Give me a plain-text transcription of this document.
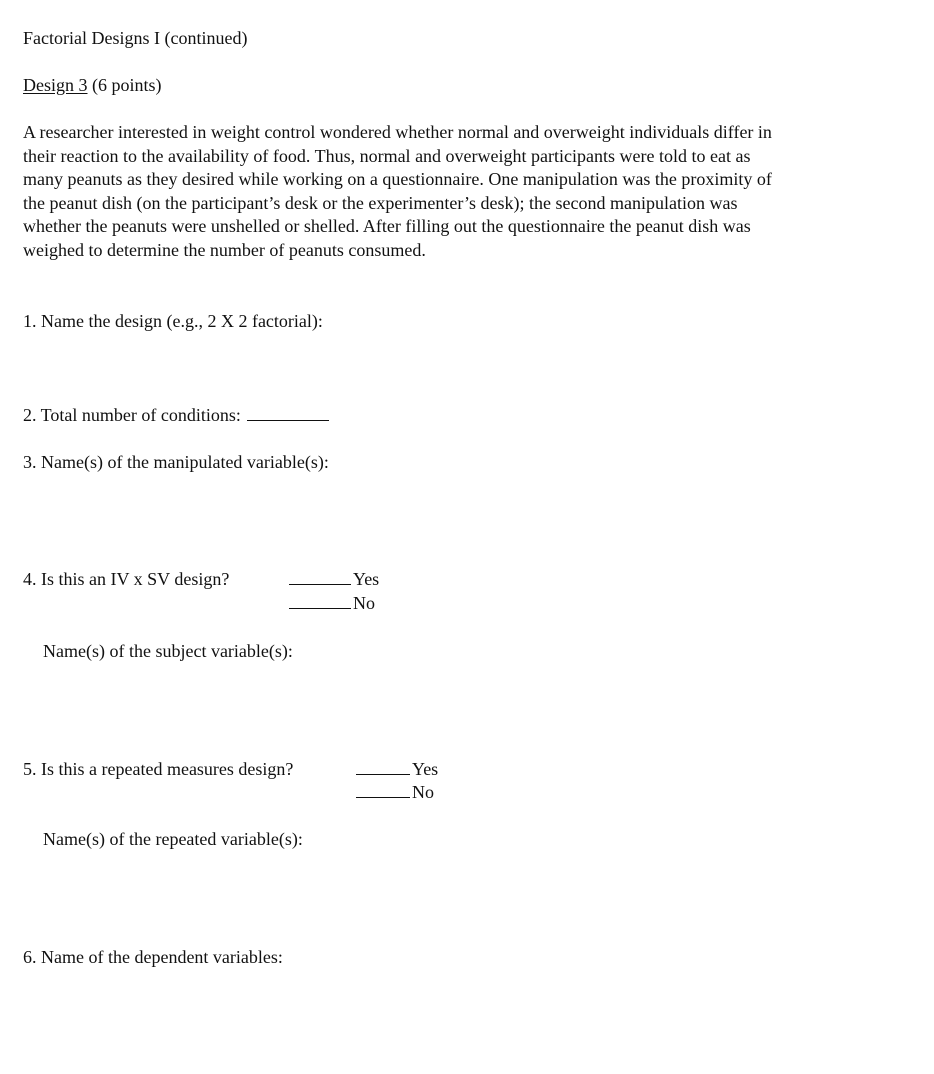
Factorial Designs I (continued)
Design 3 (6 points)
A researcher interested in weight control wondered whether normal and overweight individuals differ in
their reaction to the availability of food. Thus, normal and overweight participants were told to eat as
many peanuts as they desired while working on a questionnaire. One manipulation was the proximity of
the peanut dish (on the participant’s desk or the experimenter’s desk); the second manipulation was
whether the peanuts were unshelled or shelled. After filling out the questionnaire the peanut dish was
weighed to determine the number of peanuts consumed.
1. Name the design (e.g., 2 X 2 factorial):
2. Total number of conditions:
3. Name(s) of the manipulated variable(s):
4. Is this an IV x SV design?	Yes
No
Name(s) of the subject variable(s):
5. Is this a repeated measures design?	Yes
No
Name(s) of the repeated variable(s):
6. Name of the dependent variables:
